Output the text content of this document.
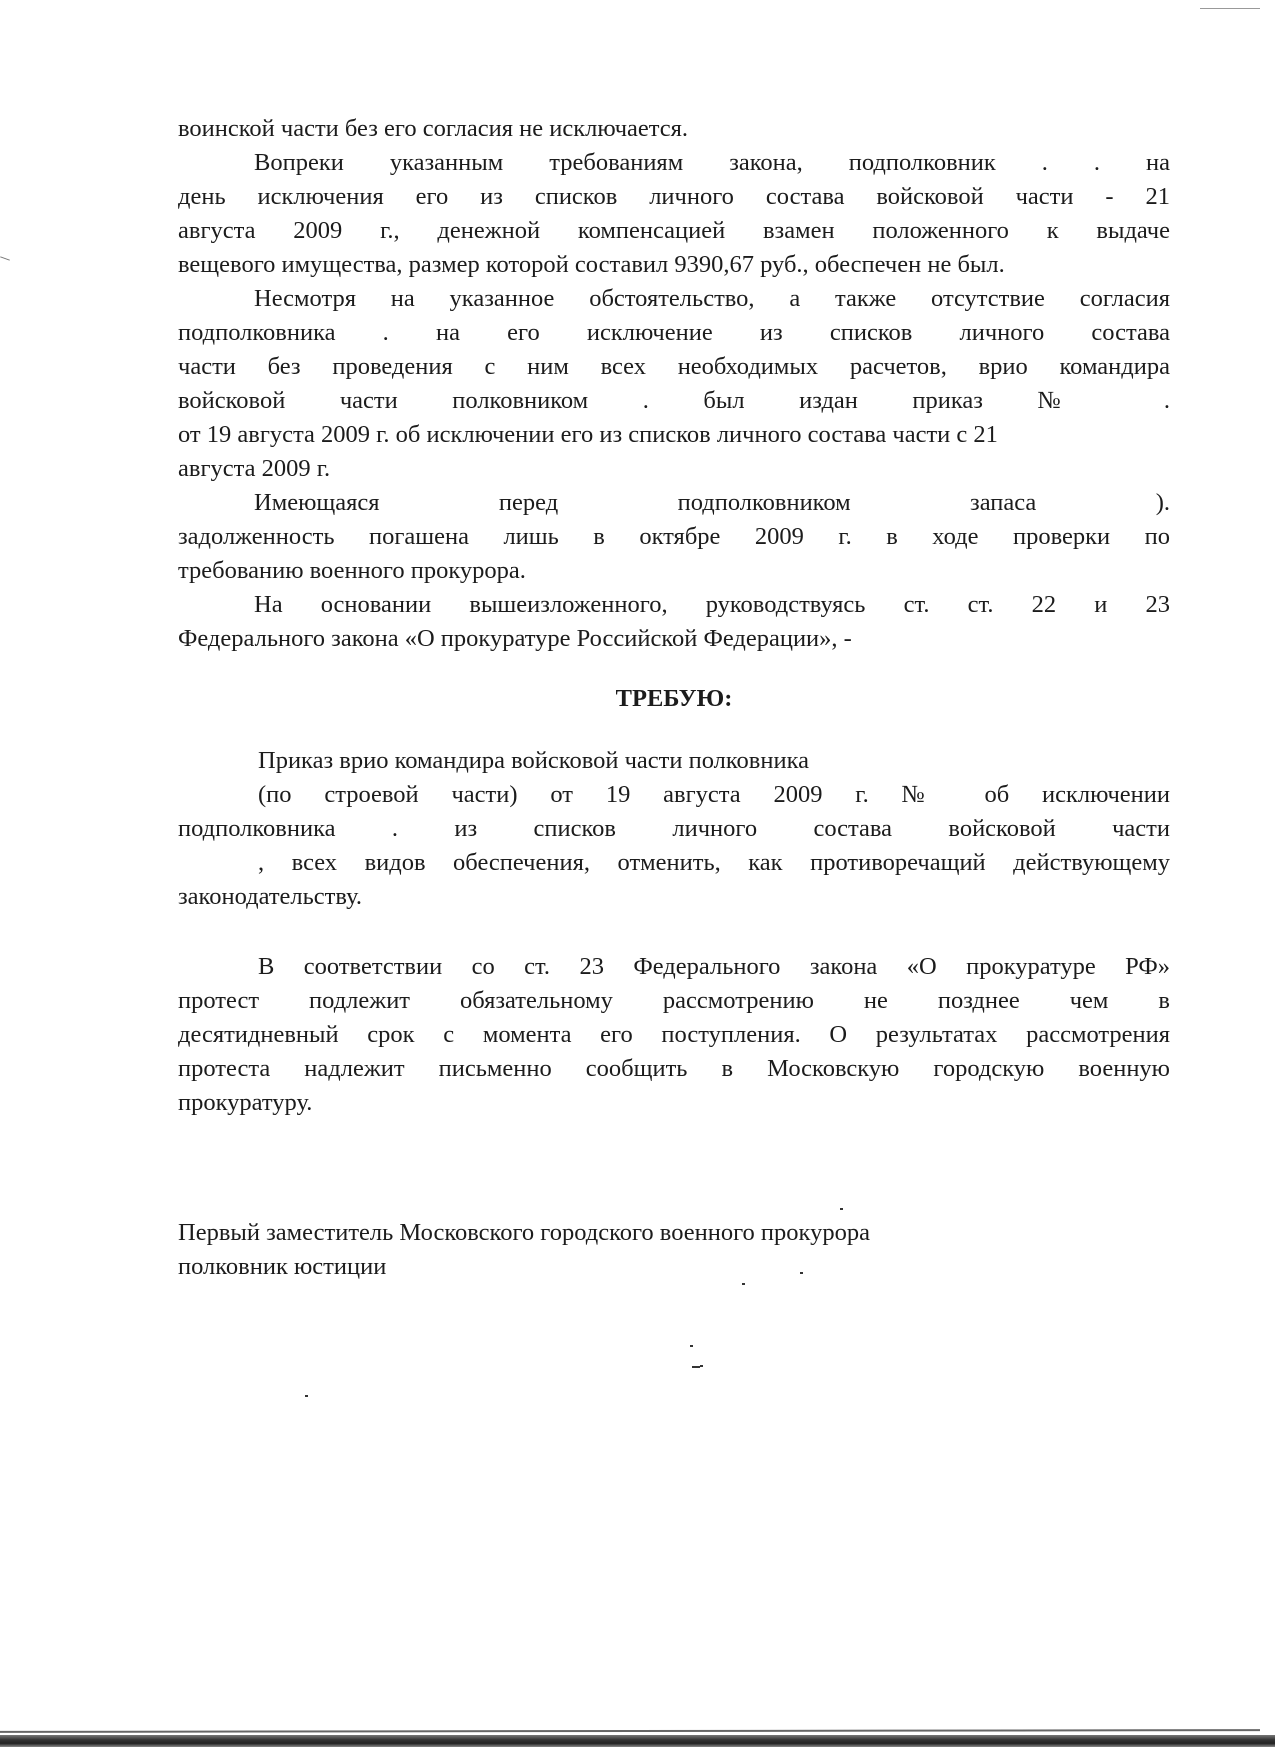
воинской части без его согласия не исключается.
Вопреки указанным требованиям закона, подполковник . . на
день исключения его из списков личного состава войсковой части - 21
августа 2009 г., денежной компенсацией взамен положенного к выдаче
вещевого имущества, размер которой составил 9390,67 руб., обеспечен не был.
Несмотря на указанное обстоятельство, а также отсутствие согласия
подполковника . на его исключение из списков личного состава
части без проведения с ним всех необходимых расчетов, врио командира
войсковой части полковником . был издан приказ № .
от 19 августа 2009 г. об исключении его из списков личного состава части с 21
августа 2009 г.
Имеющаяся перед подполковником запаса ).
задолженность погашена лишь в октябре 2009 г. в ходе проверки по
требованию военного прокурора.
На основании вышеизложенного, руководствуясь ст. ст. 22 и 23
Федерального закона «О прокуратуре Российской Федерации», -
ТРЕБУЮ:
Приказ врио командира войсковой части полковника
(по строевой части) от 19 августа 2009 г. № об исключении
подполковника . из списков личного состава войсковой части
, всех видов обеспечения, отменить, как противоречащий действующему
законодательству.
В соответствии со ст. 23 Федерального закона «О прокуратуре РФ»
протест подлежит обязательному рассмотрению не позднее чем в
десятидневный срок с момента его поступления. О результатах рассмотрения
протеста надлежит письменно сообщить в Московскую городскую военную
прокуратуру.
Первый заместитель Московского городского военного прокурора
полковник юстиции
